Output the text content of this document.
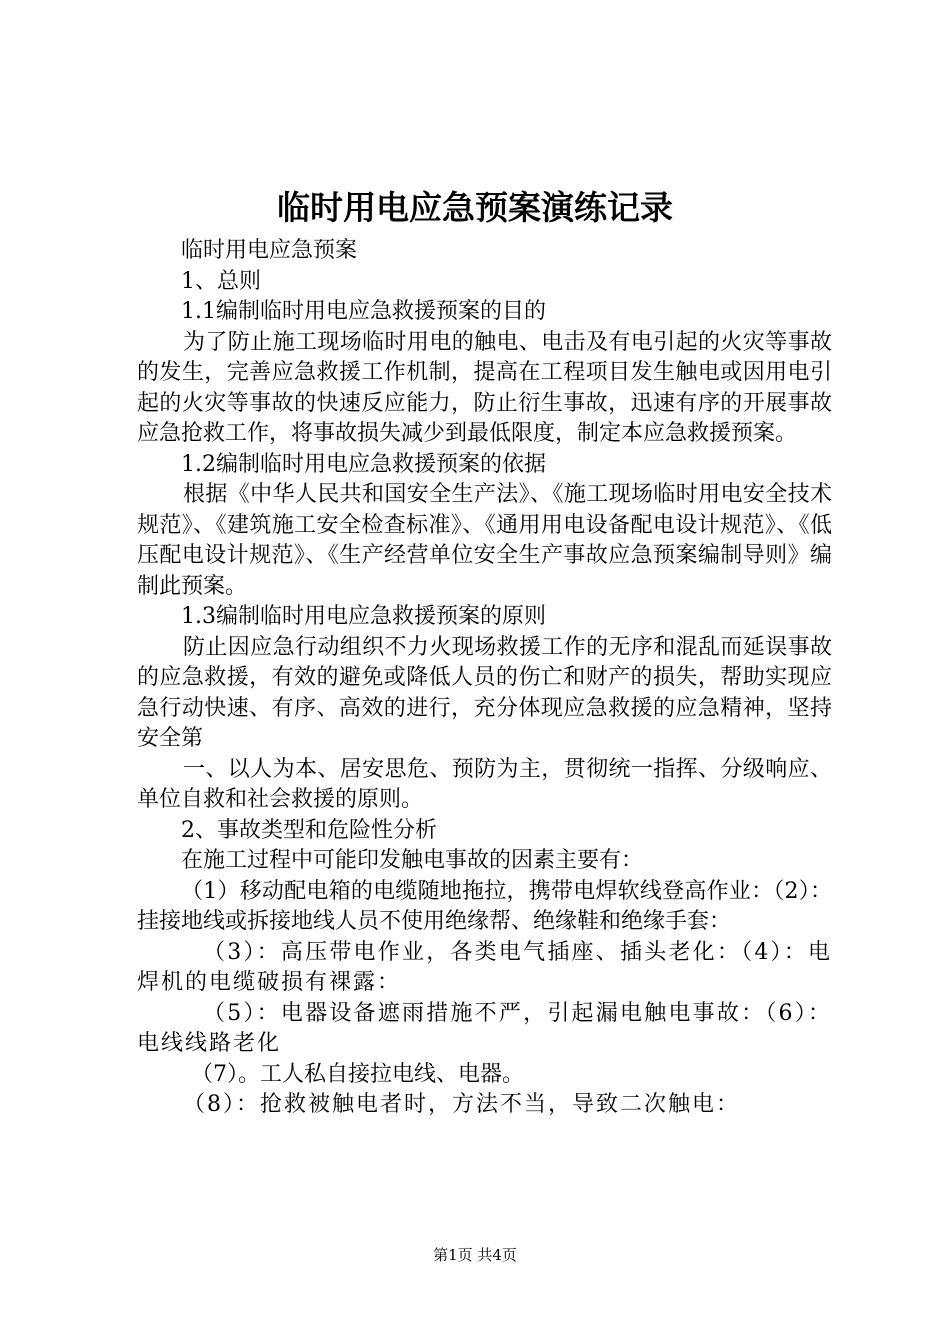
临时用电应急预案演练记录

临时用电应急预案

1、总则

1.1编制临时用电应急救援预案的目的

为了防止施工现场临时用电的触电、电击及有电引起的火灾等事故的发生，完善应急救援工作机制，提高在工程项目发生触电或因用电引起的火灾等事故的快速反应能力，防止衍生事故，迅速有序的开展事故应急抢救工作，将事故损失减少到最低限度，制定本应急救援预案。

1.2编制临时用电应急救援预案的依据

根据《中华人民共和国安全生产法》、《施工现场临时用电安全技术规范》、《建筑施工安全检查标准》、《通用用电设备配电设计规范》、《低压配电设计规范》、《生产经营单位安全生产事故应急预案编制导则》编制此预案。

1.3编制临时用电应急救援预案的原则

防止因应急行动组织不力火现场救援工作的无序和混乱而延误事故的应急救援，有效的避免或降低人员的伤亡和财产的损失，帮助实现应急行动快速、有序、高效的进行，充分体现应急救援的应急精神，坚持安全第

一、以人为本、居安思危、预防为主，贯彻统一指挥、分级响应、单位自救和社会救援的原则。

2、事故类型和危险性分析

在施工过程中可能印发触电事故的因素主要有：

（1）移动配电箱的电缆随地拖拉，携带电焊软线登高作业：（2）：挂接地线或拆接地线人员不使用绝缘帮、绝缘鞋和绝缘手套：

（3）：高压带电作业，各类电气插座、插头老化：（4）：电焊机的电缆破损有裸露：

（5）：电器设备遮雨措施不严，引起漏电触电事故：（6）：电线线路老化

（7）。工人私自接拉电线、电器。

（8）：抢救被触电者时，方法不当，导致二次触电：

第1页 共4页
